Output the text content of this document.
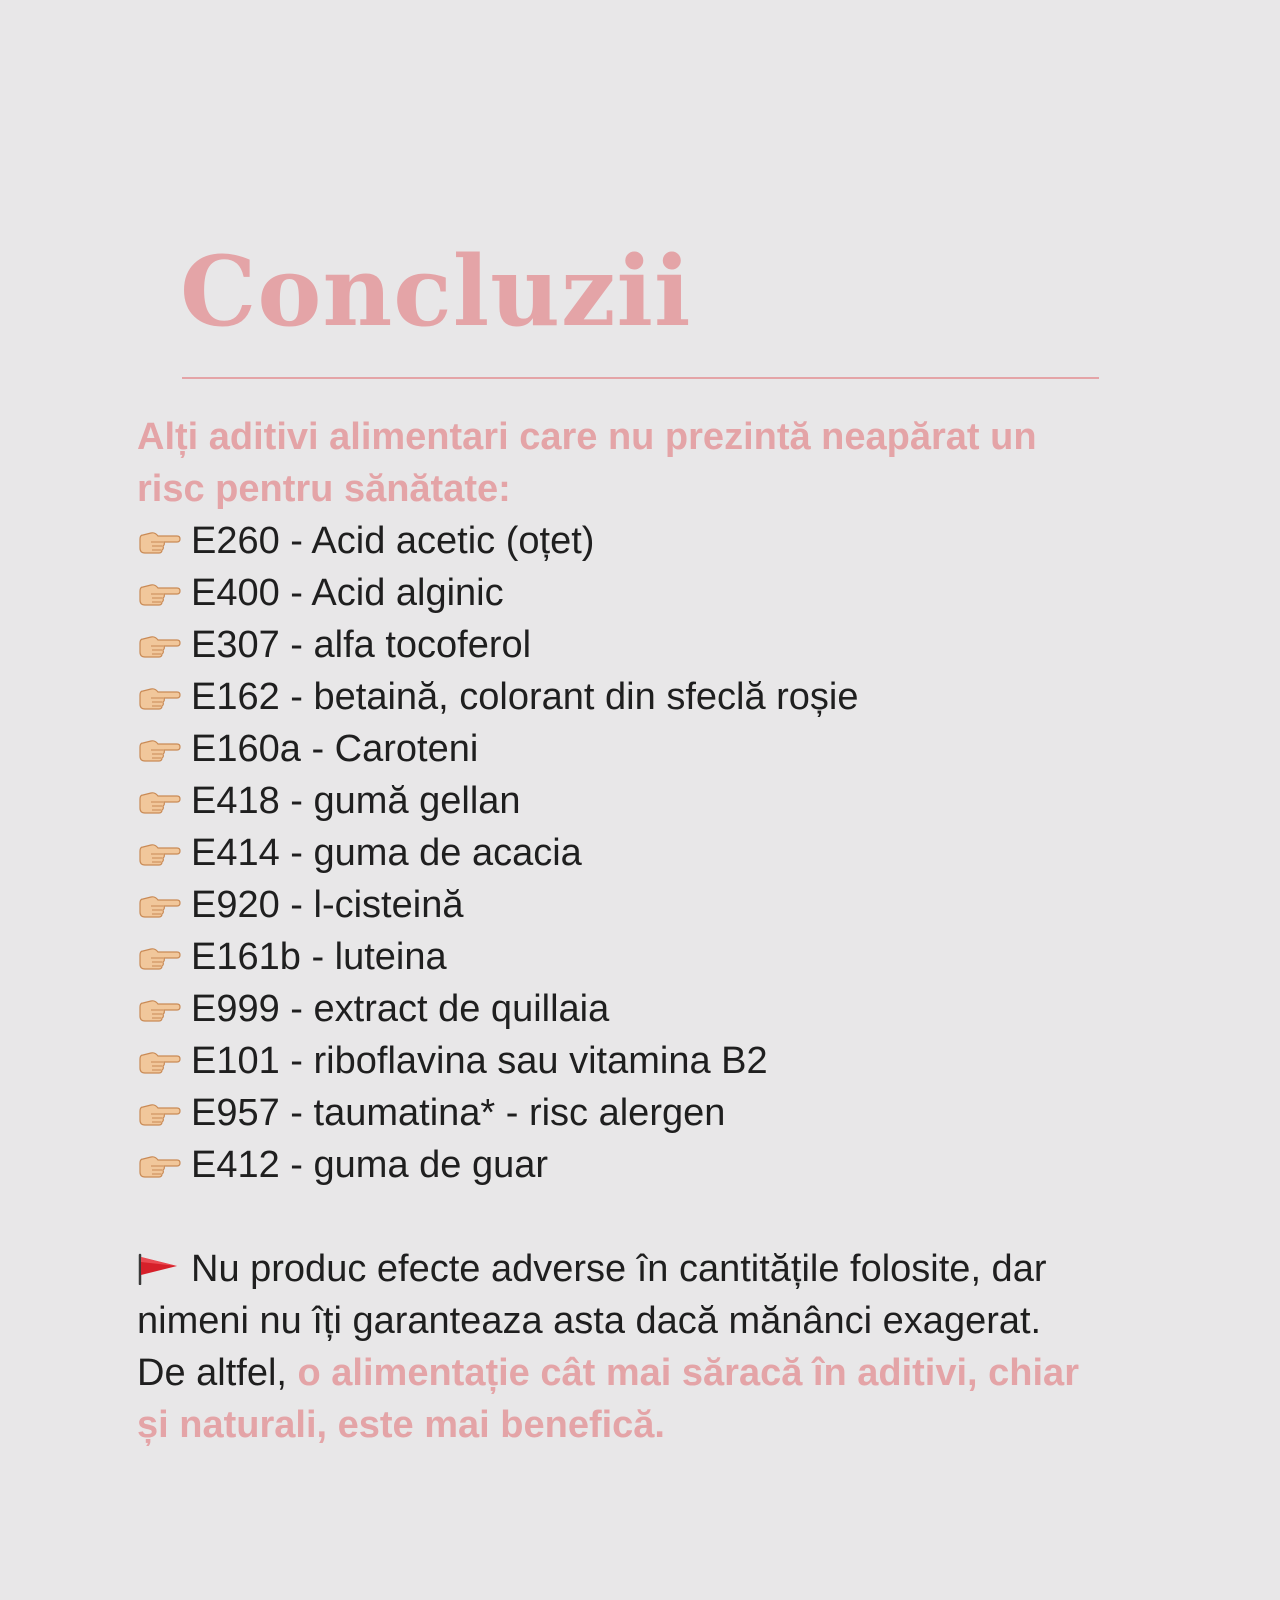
Concluzii

Alți aditivi alimentari care nu prezintă neapărat un risc pentru sănătate:

E260 - Acid acetic (oțet)
E400 - Acid alginic
E307 - alfa tocoferol
E162 - betaină, colorant din sfeclă roșie
E160a - Caroteni
E418 - gumă gellan
E414 - guma de acacia
E920 - l-cisteină
E161b - luteina
E999 - extract de quillaia
E101 - riboflavina sau vitamina B2
E957 - taumatina* - risc alergen
E412 - guma de guar

Nu produc efecte adverse în cantitățile folosite, dar nimeni nu îți garanteaza asta dacă mănânci exagerat. De altfel, o alimentație cât mai săracă în aditivi, chiar și naturali, este mai benefică.
